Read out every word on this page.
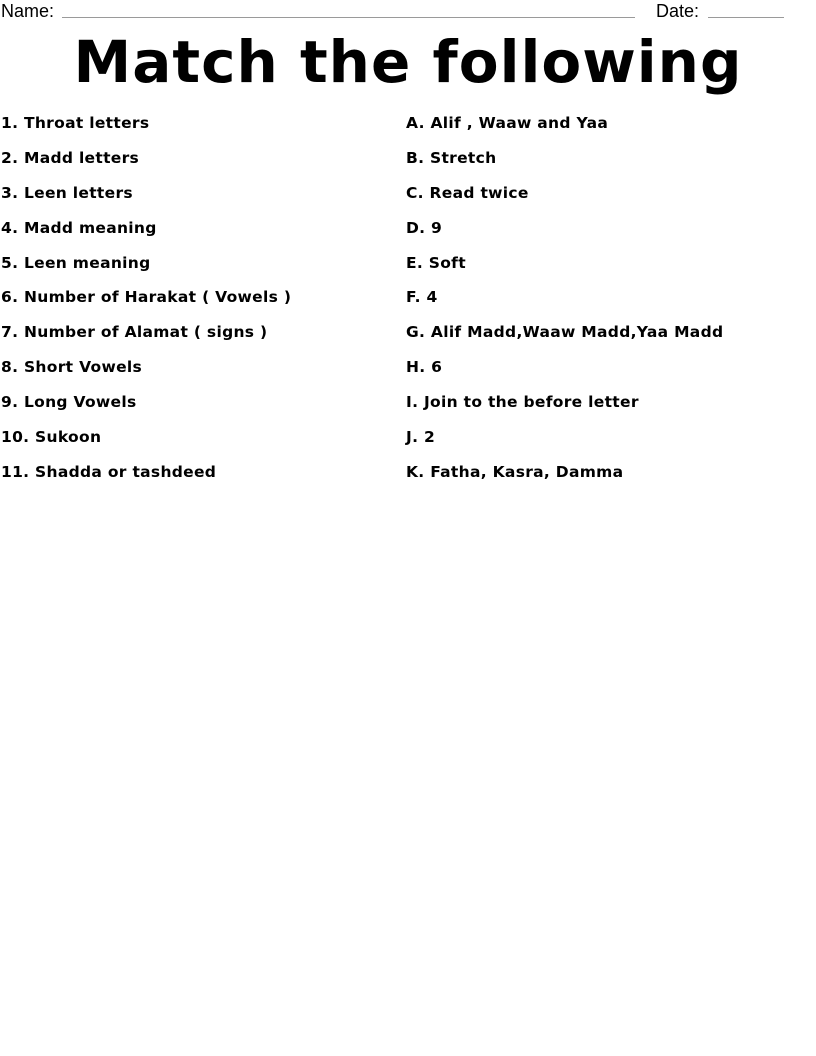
Name:	Date:
Match the following
1. Throat letters
2. Madd letters
3. Leen letters
4. Madd meaning
5. Leen meaning
6. Number of Harakat ( Vowels )
7. Number of Alamat ( signs )
8. Short Vowels
9. Long Vowels
10. Sukoon
11. Shadda or tashdeed
A. Alif , Waaw and Yaa
B. Stretch
C. Read twice
D. 9
E. Soft
F. 4
G. Alif Madd,Waaw Madd,Yaa Madd
H. 6
I. Join to the before letter
J. 2
K. Fatha, Kasra, Damma
